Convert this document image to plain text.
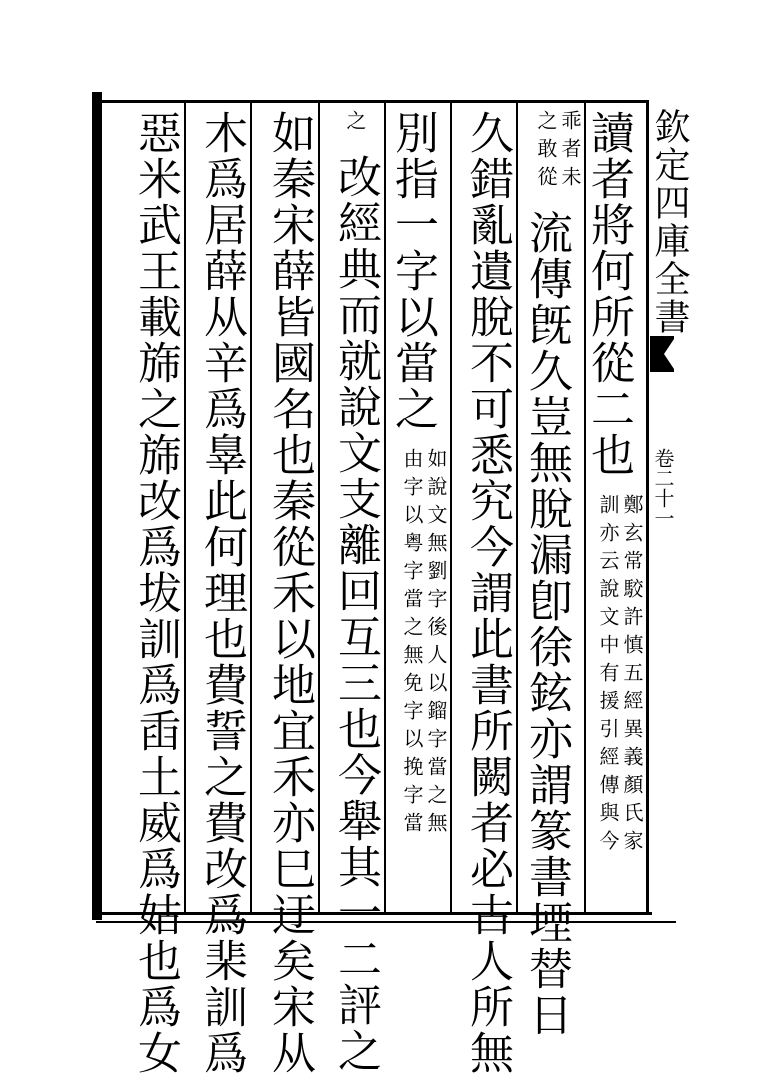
欽定四庫全書
卷二十一
讀者將何所從二也
鄭玄常駮許慎五經異義顏氏家
訓亦云說文中有援引經傳與今
乖者未
之敢從
流傳旣久豈無脫漏卽徐鉉亦謂篆書堙替日
久錯亂遺脫不可悉究今謂此書所闕者必古人所無
別指一字以當之
如說文無劉字後人以鎦字當之無
由字以粤字當之無免字以挽字當
之 改經典而就說文支離回互三也今舉其一二評之
如秦宋薛皆國名也秦從禾以地宜禾亦巳迂矣宋从
木爲居薛从辛爲辠此何理也費誓之費改爲棐訓爲
惡米武王載旆之旆改爲坺訓爲臿土威爲姑也爲女
